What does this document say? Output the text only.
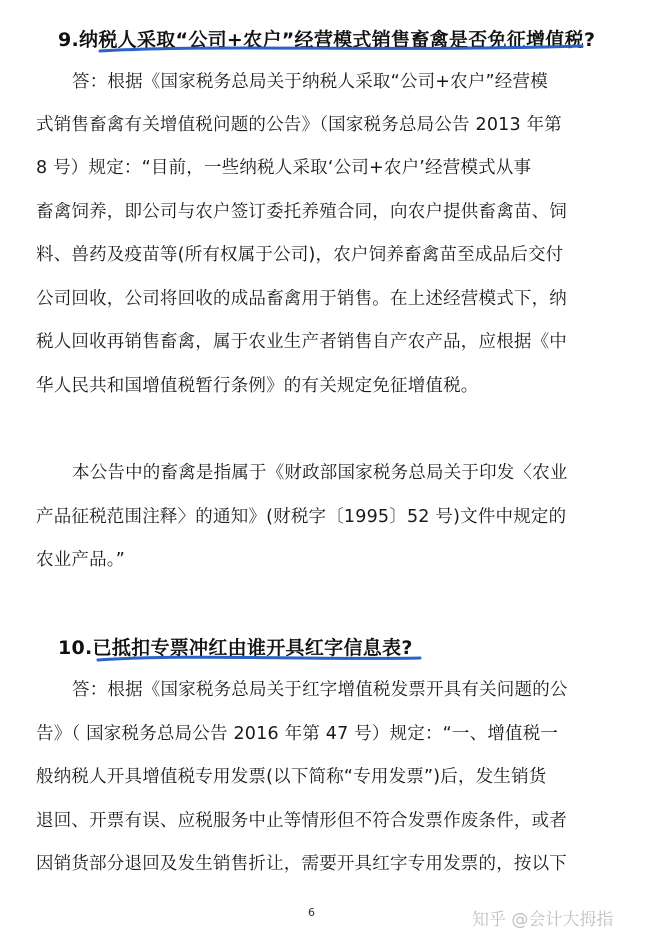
9.纳税人采取“公司+农户”经营模式销售畜禽是否免征增值税?

答：根据《国家税务总局关于纳税人采取“公司+农户”经营模

式销售畜禽有关增值税问题的公告》（国家税务总局公告 2013 年第

8 号）规定：“目前，一些纳税人采取‘公司+农户’经营模式从事

畜禽饲养，即公司与农户签订委托养殖合同，向农户提供畜禽苗、饲

料、兽药及疫苗等(所有权属于公司)，农户饲养畜禽苗至成品后交付

公司回收，公司将回收的成品畜禽用于销售。在上述经营模式下，纳

税人回收再销售畜禽，属于农业生产者销售自产农产品，应根据《中

华人民共和国增值税暂行条例》的有关规定免征增值税。

本公告中的畜禽是指属于《财政部国家税务总局关于印发〈农业

产品征税范围注释〉的通知》(财税字〔1995〕52 号)文件中规定的

农业产品。”

10.已抵扣专票冲红由谁开具红字信息表?

答：根据《国家税务总局关于红字增值税发票开具有关问题的公

告》（ 国家税务总局公告 2016 年第 47 号）规定：“一、增值税一

般纳税人开具增值税专用发票(以下简称“专用发票”)后，发生销货

退回、开票有误、应税服务中止等情形但不符合发票作废条件，或者

因销货部分退回及发生销售折让，需要开具红字专用发票的，按以下

6	知乎 @会计大拇指
